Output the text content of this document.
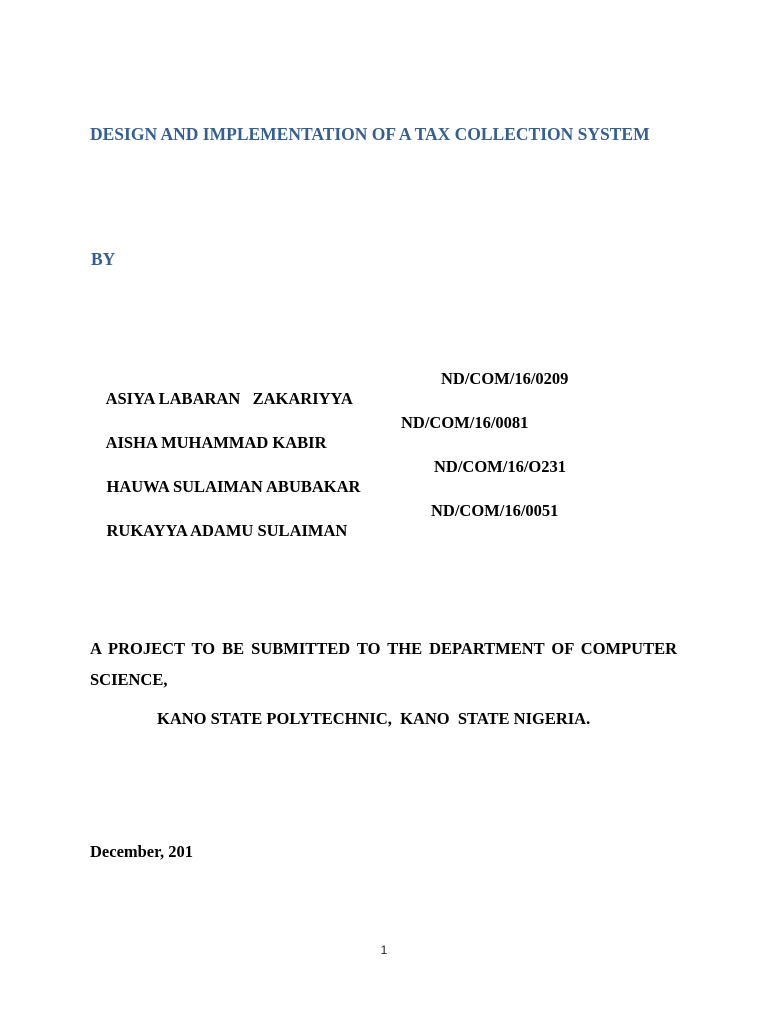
DESIGN AND IMPLEMENTATION OF A TAX COLLECTION SYSTEM
BY

ASIYA LABARAN   ZAKARIYYA

ND/COM/16/0209

AISHA MUHAMMAD KABIR

ND/COM/16/0081

HAUWA SULAIMAN ABUBAKAR

ND/COM/16/O231

RUKAYYA ADAMU SULAIMAN

ND/COM/16/0051

A PROJECT TO BE SUBMITTED TO THE DEPARTMENT OF COMPUTER SCIENCE,
KANO STATE POLYTECHNIC,  KANO  STATE NIGERIA.
December, 201
1
